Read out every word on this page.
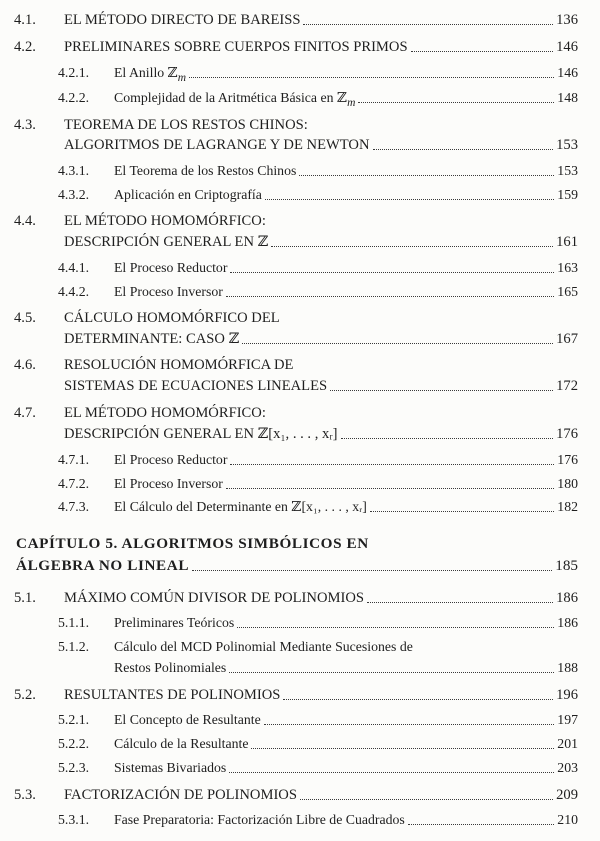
4.1.	EL MÉTODO DIRECTO DE BAREISS	136
4.2.	PRELIMINARES SOBRE CUERPOS FINITOS PRIMOS	146
4.2.1.	El Anillo ℤ$_m$	146
4.2.2.	Complejidad de la Aritmética Básica en ℤ$_m$	148
4.3.	TEOREMA DE LOS RESTOS CHINOS:
ALGORITMOS DE LAGRANGE Y DE NEWTON	153
4.3.1.	El Teorema de los Restos Chinos	153
4.3.2.	Aplicación en Criptografía	159
4.4.	EL MÉTODO HOMOMÓRFICO:
DESCRIPCIÓN GENERAL EN ℤ	161
4.4.1.	El Proceso Reductor	163
4.4.2.	El Proceso Inversor	165
4.5.	CÁLCULO HOMOMÓRFICO DEL
DETERMINANTE: CASO ℤ	167
4.6.	RESOLUCIÓN HOMOMÓRFICA DE
SISTEMAS DE ECUACIONES LINEALES	172
4.7.	EL MÉTODO HOMOMÓRFICO:
DESCRIPCIÓN GENERAL EN ℤ[x₁, . . . , xᵣ]	176
4.7.1.	El Proceso Reductor	176
4.7.2.	El Proceso Inversor	180
4.7.3.	El Cálculo del Determinante en ℤ[x₁, . . . , xᵣ]	182
CAPÍTULO 5. ALGORITMOS SIMBÓLICOS EN
ÁLGEBRA NO LINEAL	185
5.1.	MÁXIMO COMÚN DIVISOR DE POLINOMIOS	186
5.1.1.	Preliminares Teóricos	186
5.1.2.	Cálculo del MCD Polinomial Mediante Sucesiones de
Restos Polinomiales	188
5.2.	RESULTANTES DE POLINOMIOS	196
5.2.1.	El Concepto de Resultante	197
5.2.2.	Cálculo de la Resultante	201
5.2.3.	Sistemas Bivariados	203
5.3.	FACTORIZACIÓN DE POLINOMIOS	209
5.3.1.	Fase Preparatoria: Factorización Libre de Cuadrados	210
